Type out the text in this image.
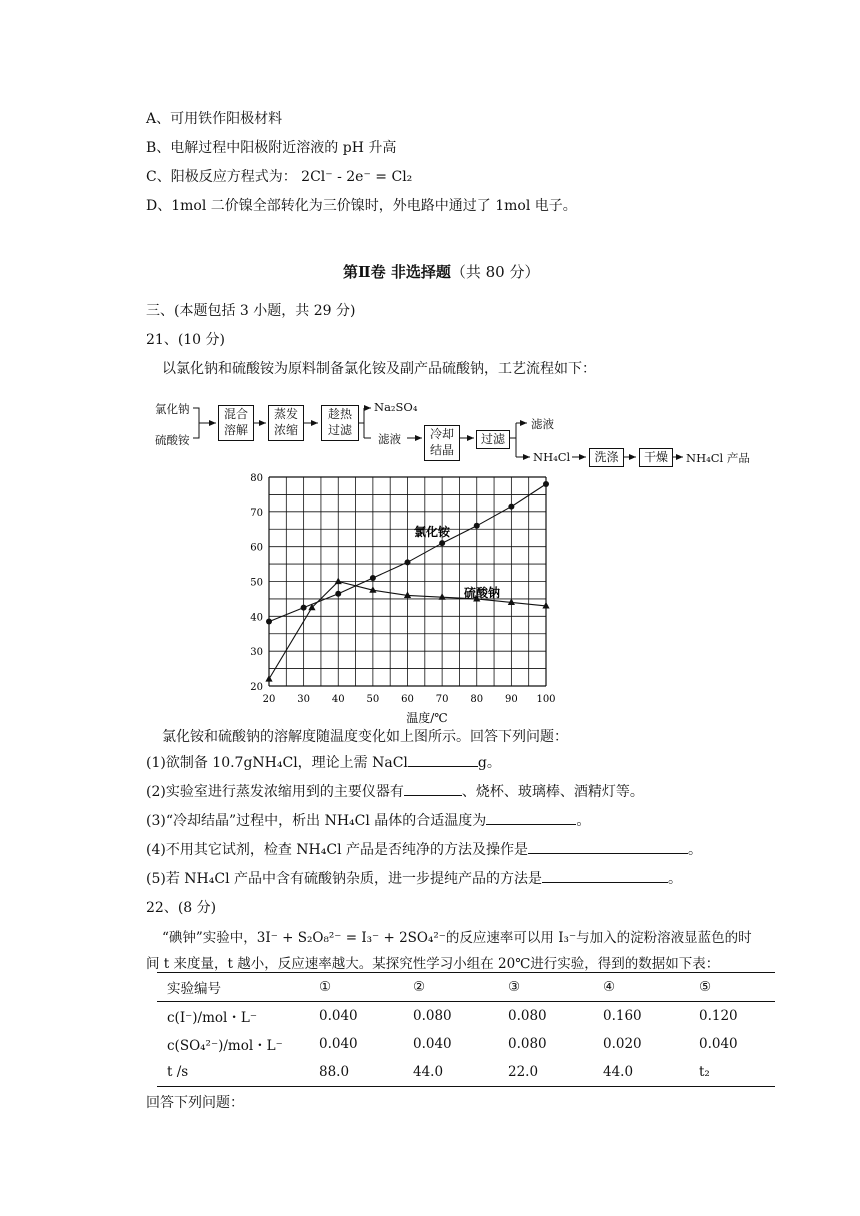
A、可用铁作阳极材料
B、电解过程中阳极附近溶液的 pH 升高
C、阳极反应方程式为： 2Cl⁻ - 2e⁻ = Cl₂
D、1mol 二价镍全部转化为三价镍时，外电路中通过了 1mol 电子。
第Ⅱ卷 非选择题（共 80 分）
三、(本题包括 3 小题，共 29 分)
21、(10 分)
以氯化钠和硫酸铵为原料制备氯化铵及副产品硫酸钠，工艺流程如下：
氯化钠
硫酸铵
混合
溶解
蒸发
浓缩
趁热
过滤
Na₂SO₄
滤液	冷却
结晶
过滤
滤液
NH₄Cl	洗涤	干燥	NH₄Cl 产品
20 30 40 50 60 70 80 90 100
20
30
40
50
60
70
80
温度/℃
氯化铵
硫酸钠
氯化铵和硫酸钠的溶解度随温度变化如上图所示。回答下列问题：
(1)欲制备 10.7gNH₄Cl，理论上需 NaCl	g。
(2)实验室进行蒸发浓缩用到的主要仪器有	、烧杯、玻璃棒、酒精灯等。
(3)“冷却结晶”过程中，析出 NH₄Cl 晶体的合适温度为	。
(4)不用其它试剂，检查 NH₄Cl 产品是否纯净的方法及操作是	。
(5)若 NH₄Cl 产品中含有硫酸钠杂质，进一步提纯产品的方法是	。
22、(8 分)
“碘钟”实验中，3I⁻ + S₂O₈²⁻ = I₃⁻ + 2SO₄²⁻的反应速率可以用 I₃⁻与加入的淀粉溶液显蓝色的时
间 t 来度量，t 越小，反应速率越大。某探究性学习小组在 20℃进行实验，得到的数据如下表：
实验编号	①	②	③	④	⑤
c(I⁻)/mol・L⁻	0.040	0.080	0.080	0.160	0.120
c(SO₄²⁻)/mol・L⁻	0.040	0.040	0.080	0.020	0.040
t /s	88.0	44.0	22.0	44.0	t₂
回答下列问题：
